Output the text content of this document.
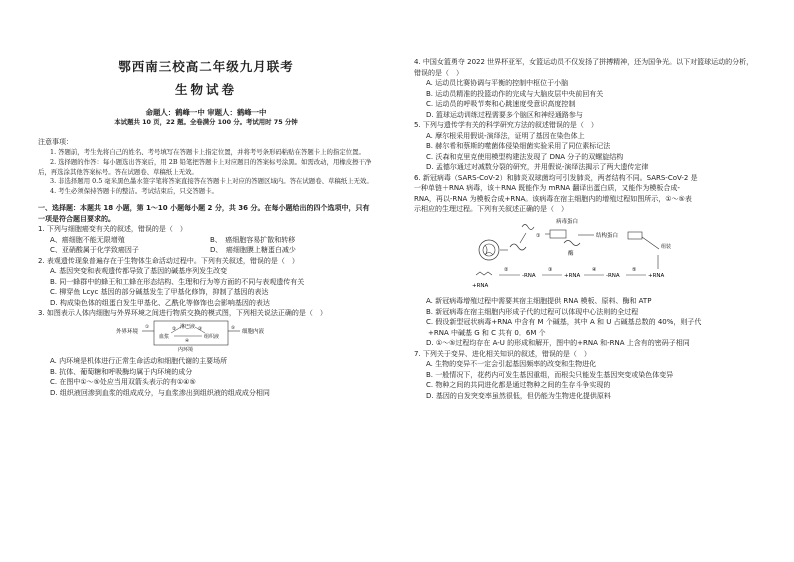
鄂西南三校高二年级九月联考
生物试卷
命题人：鹤峰一中 审题人：鹤峰一中
本试题共 10 页，22 题。全卷满分 100 分。考试用时 75 分钟
注意事项：
1. 答题前，考生先将自己的姓名、考号填写在答题卡上指定位置，并将考号条形码粘贴在答题卡上的指定位置。
2. 选择题的作答：每小题选出答案后，用 2B 铅笔把答题卡上对应题目的答案标号涂黑。如需改动，用橡皮擦干净后，再选涂其他答案标号。答在试题卷、草稿纸上无效。
3. 非选择题用 0.5 毫米黑色墨水签字笔将答案直接答在答题卡上对应的答题区域内。答在试题卷、草稿纸上无效。
4. 考生必须保持答题卡的整洁。考试结束后，只交答题卡。
一、选择题：本题共 18 小题，第 1～10 小题每小题 2 分，共 36 分。在每小题给出的四个选项中，只有一项是符合题目要求的。
1. 下列与细胞癌变有关的叙述，错误的是（　）
A、癌细胞不能无限增殖	B、　癌细胞容易扩散和转移
C、亚硝酸属于化学致癌因子	D、　癌细胞膜上糖蛋白减少
2. 表观遗传现象普遍存在于生物体生命活动过程中。下列有关叙述，错误的是（　）
A. 基因突变和表观遗传都导致了基因的碱基序列发生改变
B. 同一蜂群中的蜂王和工蜂在形态结构、生理和行为等方面的不同与表观遗传有关
C. 柳穿鱼 Lcyc 基因的部分碱基发生了甲基化修饰，抑制了基因的表达
D. 构成染色体的组蛋白发生甲基化、乙酰化等修饰也会影响基因的表达
3. 如图表示人体内细胞与外界环境之间进行物质交换的模式图，下列相关说法正确的是（　）
外界环境
淋巴液
血浆	组织液
内环境
①	②	③
④
⑤
细胞内液
A. 内环境是机体进行正常生命活动和细胞代谢的主要场所
B. 抗体、葡萄糖和呼吸酶均属于内环境的成分
C. 在图中①～⑤处应当用双箭头表示的有①④⑤
D. 组织液回渗到血浆的组成成分，与血浆渗出到组织液的组成成分相同
4. 中国女篮勇夺 2022 世界杯亚军，女篮运动员不仅发扬了拼搏精神，还为国争光。以下对篮球运动的分析，错误的是（　）
A. 运动员比赛协调与平衡的控制中枢位于小脑
B. 运动员精准的投篮动作的完成与大脑皮层中央前回有关
C. 运动员的呼吸节奏和心跳速度受意识高度控制
D. 篮球运动训练过程需要多个脑区和神经通路参与
5. 下列与遗传学有关的科学研究方法的叙述错误的是（　）
A. 摩尔根采用假说-演绎法，证明了基因在染色体上
B. 赫尔希和蔡斯的噬菌体侵染细菌实验采用了同位素标记法
C. 沃森和克里克使用模型构建法发现了 DNA 分子的双螺旋结构
D. 孟德尔通过对减数分裂的研究，并用假说-演绎法揭示了两大遗传定律
6. 新冠病毒（SARS-CoV-2）和肺炎双球菌均可引发肺炎，两者结构不同。SARS-CoV-2 是
一种单链＋RNA 病毒，该＋RNA 既能作为 mRNA 翻译出蛋白质，又能作为模板合成-
RNA，再以-RNA 为模板合成+RNA。该病毒在宿主细胞内的增殖过程如图所示，①～⑤表
示相应的生理过程。下列有关叙述正确的是（　）
①
病毒蛋白
酶
结构蛋白
组装
+RNA
②
-RNA
③
+RNA
④
-RNA
⑤
+RNA
A. 新冠病毒增殖过程中需要其宿主细胞提供 RNA 模板、原料、酶和 ATP
B. 新冠病毒在宿主细胞内形成子代的过程可以体现中心法则的全过程
C. 假设新型冠状病毒+RNA 中含有 M 个碱基，其中 A 和 U 占碱基总数的 40%，则子代
+RNA 中碱基 G 和 C 共有 0．6M 个
D. ①～⑤过程均存在 A-U 的形成和解开，图中的+RNA 和-RNA 上含有的密码子相同
7. 下列关于变异、进化相关知识的叙述，错误的是（　）
A. 生物的变异不一定会引起基因频率的改变和生物进化
B. 一般情况下，花药内可发生基因重组，而根尖只能发生基因突变或染色体变异
C. 物种之间的共同进化都是通过物种之间的生存斗争实现的
D. 基因的自发突变率虽然很低，但仍能为生物进化提供原料
